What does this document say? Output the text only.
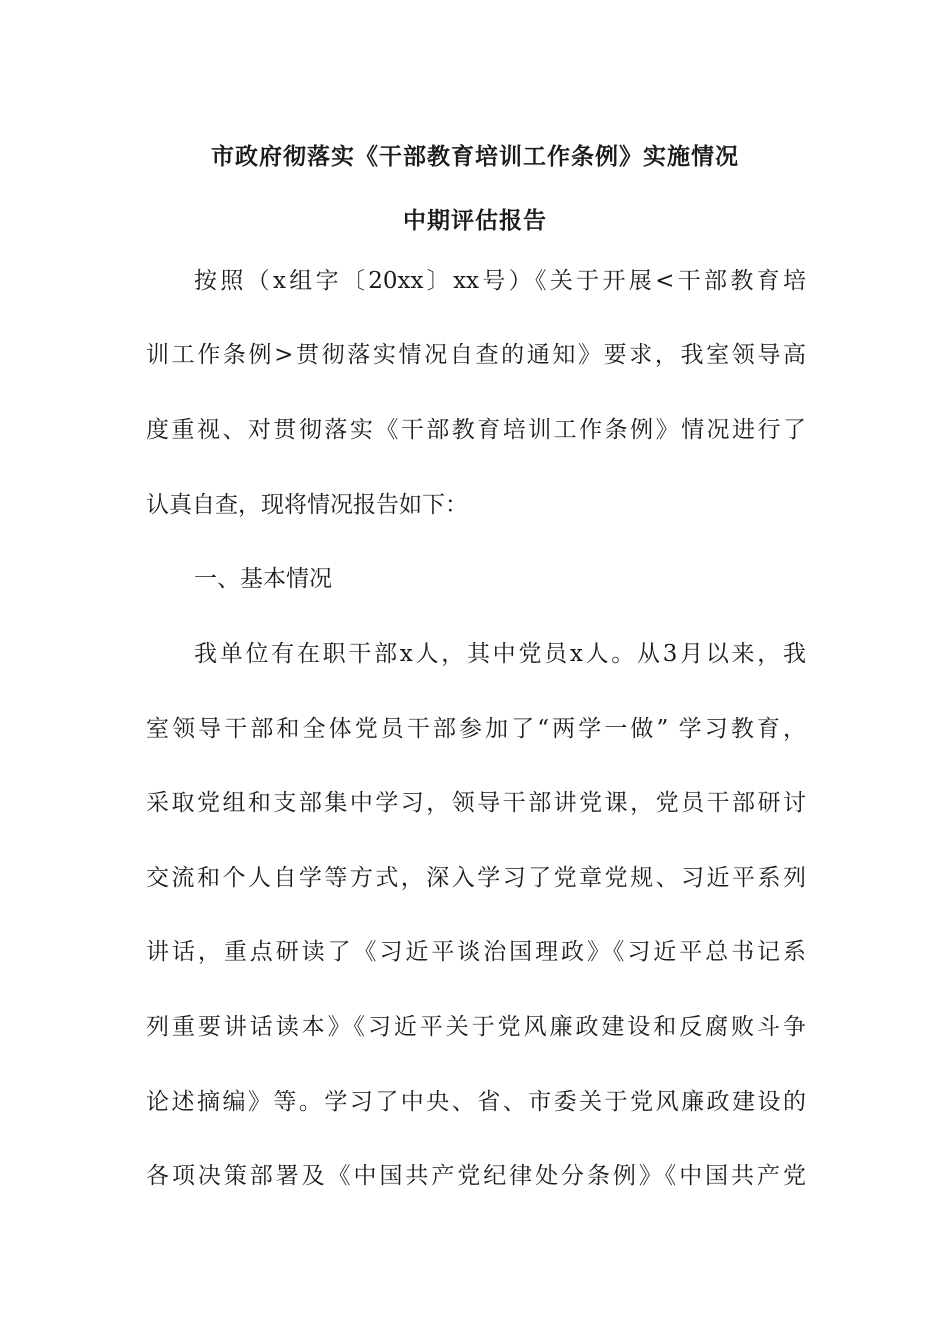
市政府彻落实《干部教育培训工作条例》实施情况
中期评估报告
按照（x组字〔20xx〕xx号）《关于开展<干部教育培
训工作条例>贯彻落实情况自查的通知》要求，我室领导高
度重视、对贯彻落实《干部教育培训工作条例》情况进行了
认真自查，现将情况报告如下：
一、基本情况
我单位有在职干部x人，其中党员x人。从3月以来，我
室领导干部和全体党员干部参加了“两学一做” 学习教育，
采取党组和支部集中学习，领导干部讲党课，党员干部研讨
交流和个人自学等方式，深入学习了党章党规、习近平系列
讲话，重点研读了《习近平谈治国理政》《习近平总书记系
列重要讲话读本》《习近平关于党风廉政建设和反腐败斗争
论述摘编》等。学习了中央、省、市委关于党风廉政建设的
各项决策部署及《中国共产党纪律处分条例》《中国共产党
